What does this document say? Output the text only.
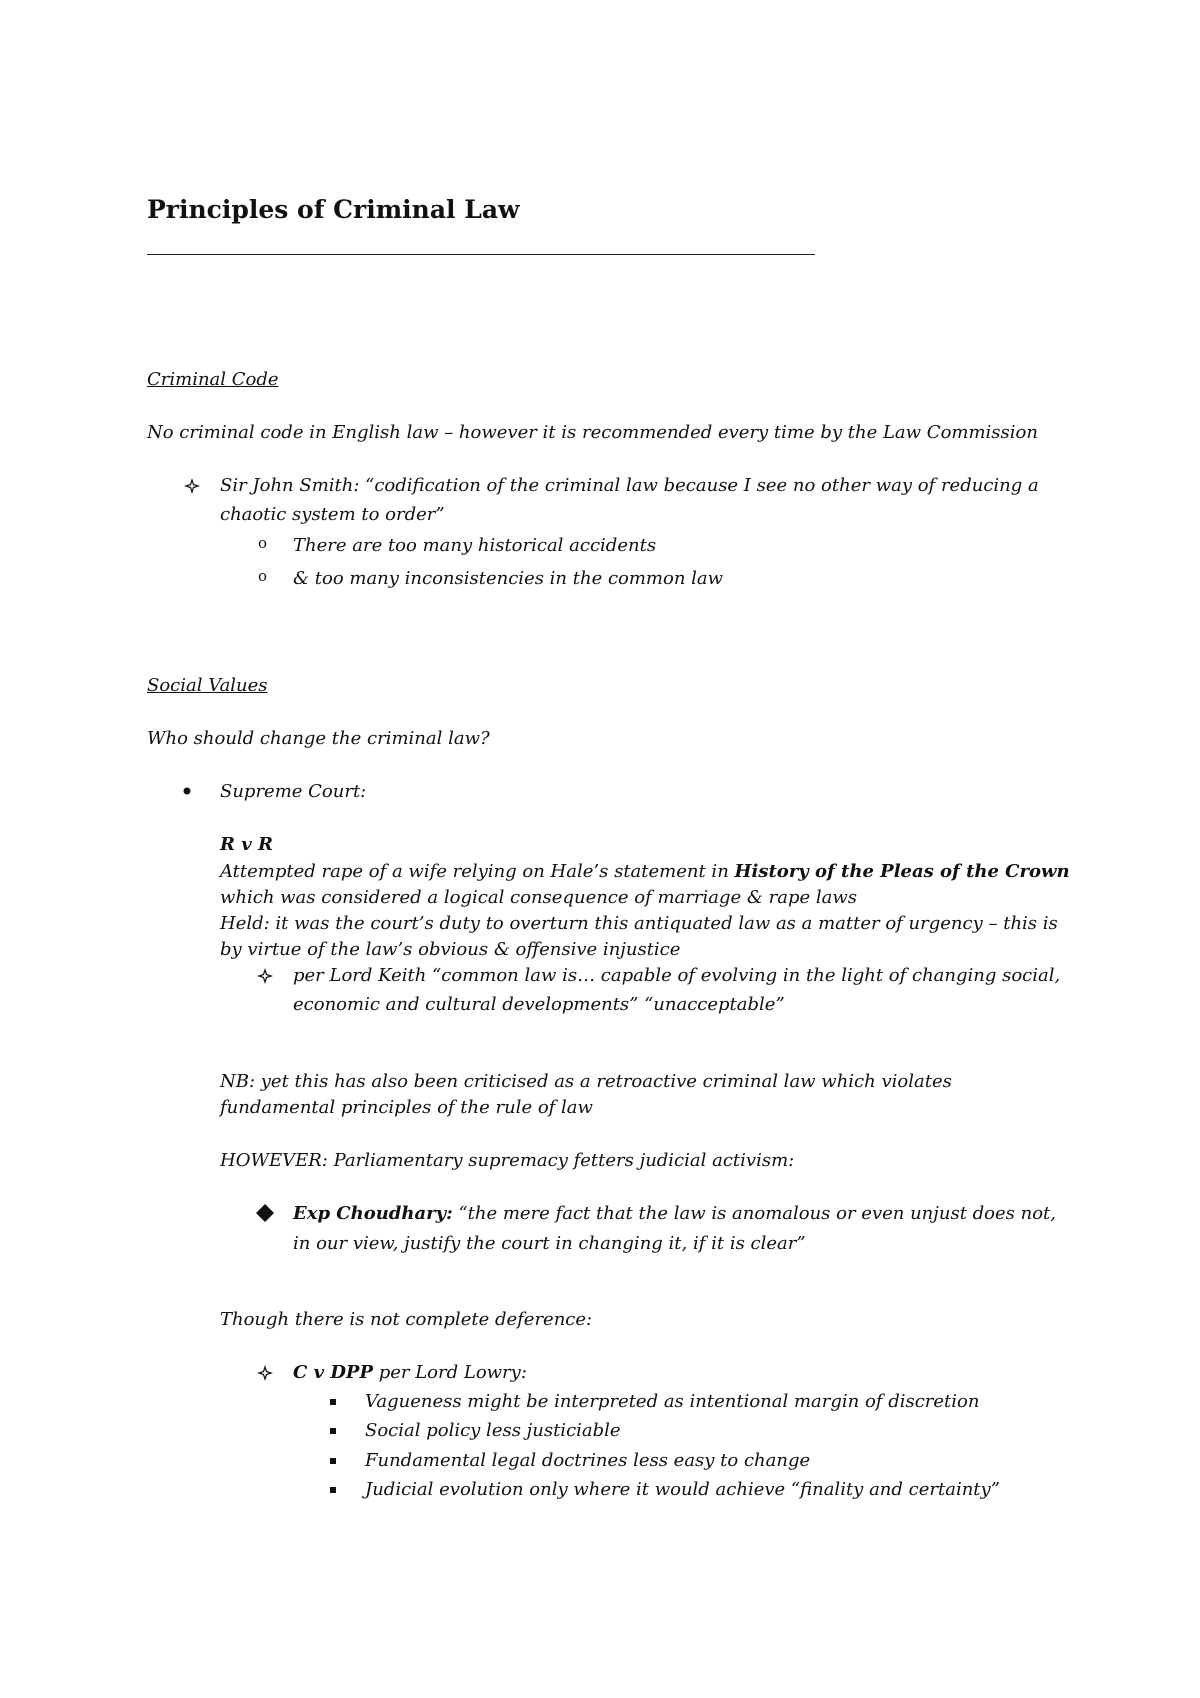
Principles of Criminal Law
Criminal Code
No criminal code in English law – however it is recommended every time by the Law Commission
Sir John Smith: “codification of the criminal law because I see no other way of reducing a
chaotic system to order”
o There are too many historical accidents
o & too many inconsistencies in the common law
Social Values
Who should change the criminal law?
Supreme Court:
R v R
Attempted rape of a wife relying on Hale’s statement in History of the Pleas of the Crown
which was considered a logical consequence of marriage & rape laws
Held: it was the court’s duty to overturn this antiquated law as a matter of urgency – this is
by virtue of the law’s obvious & offensive injustice
per Lord Keith “common law is… capable of evolving in the light of changing social,
economic and cultural developments” “unacceptable”
NB: yet this has also been criticised as a retroactive criminal law which violates
fundamental principles of the rule of law
HOWEVER: Parliamentary supremacy fetters judicial activism:
Exp Choudhary: “the mere fact that the law is anomalous or even unjust does not,
in our view, justify the court in changing it, if it is clear”
Though there is not complete deference:
C v DPP per Lord Lowry:
Vagueness might be interpreted as intentional margin of discretion
Social policy less justiciable
Fundamental legal doctrines less easy to change
Judicial evolution only where it would achieve “finality and certainty”
